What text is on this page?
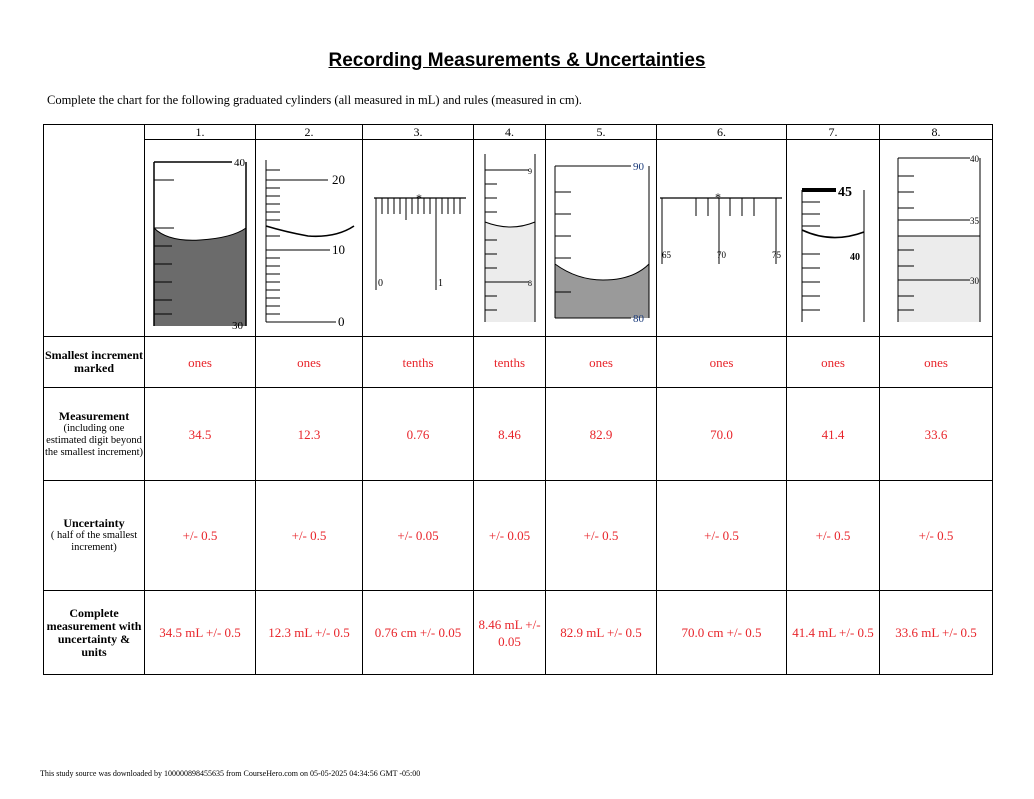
Recording Measurements & Uncertainties
Complete the chart for the following graduated cylinders (all measured in mL) and rules (measured in cm).
	1.	2.	3.	4.	5.	6.	7.	8.

40
30	20
10
0	*
0 1	9
8	90
80	*
65 70 75	45
40	40
35
30

Smallest increment marked	ones	ones	tenths	tenths	ones	ones	ones	ones

Measurement
(including one estimated digit beyond the smallest increment)	34.5	12.3	0.76	8.46	82.9	70.0	41.4	33.6

Uncertainty
( half of the smallest increment)	+/- 0.5	+/- 0.5	+/- 0.05	+/- 0.05	+/- 0.5	+/- 0.5	+/- 0.5	+/- 0.5
Complete measurement with uncertainty & units	34.5 mL +/- 0.5	12.3 mL +/- 0.5	0.76 cm +/- 0.05	8.46 mL +/- 0.05	82.9 mL +/- 0.5	70.0 cm +/- 0.5	41.4 mL +/- 0.5	33.6 mL +/- 0.5
This study source was downloaded by 100000898455635 from CourseHero.com on 05-05-2025 04:34:56 GMT -05:00
